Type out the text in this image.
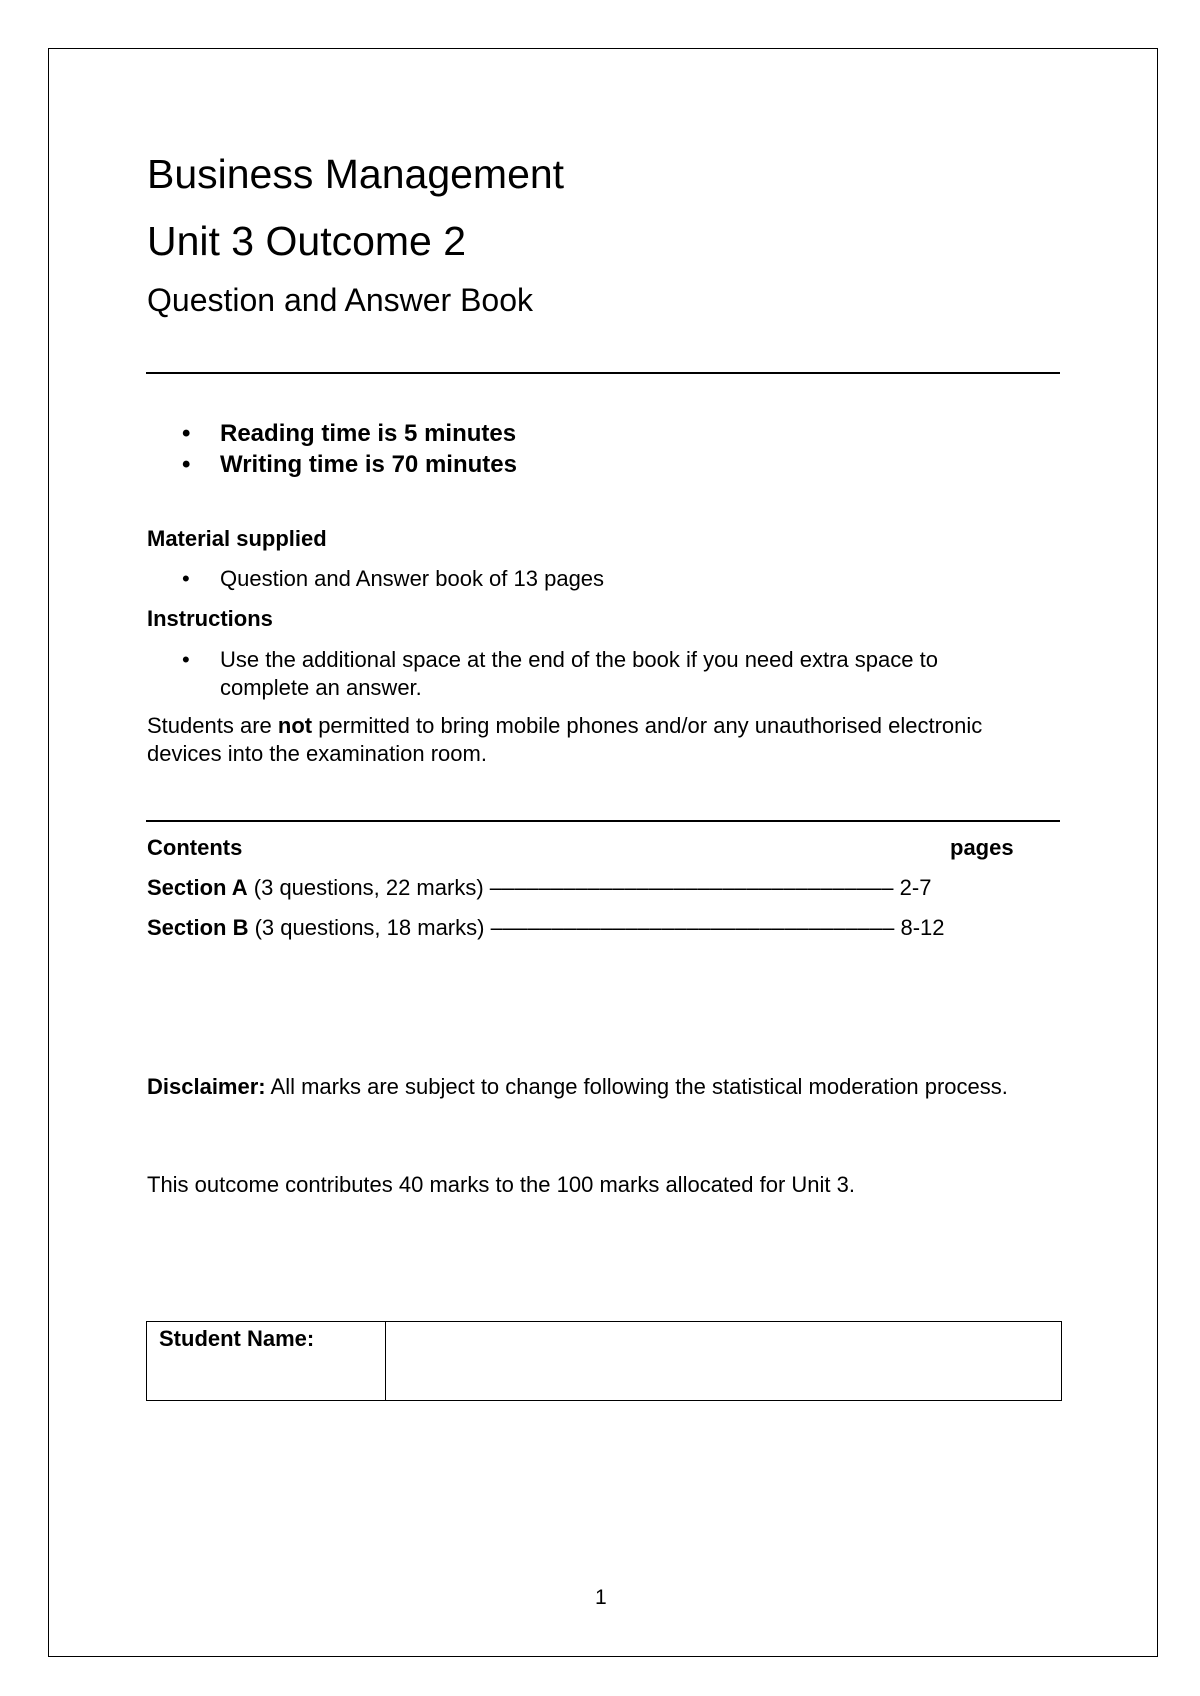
Business Management
Unit 3 Outcome 2
Question and Answer Book
• Reading time is 5 minutes
• Writing time is 70 minutes
Material supplied
• Question and Answer book of 13 pages
Instructions
• Use the additional space at the end of the book if you need extra space to complete an answer.
Students are not permitted to bring mobile phones and/or any unauthorised electronic devices into the examination room.
Contents	pages
Section A (3 questions, 22 marks) ––––––––––––––––––––––––––––––––– 2-7
Section B (3 questions, 18 marks) ––––––––––––––––––––––––––––––––– 8-12
Disclaimer: All marks are subject to change following the statistical moderation process.
This outcome contributes 40 marks to the 100 marks allocated for Unit 3.
Student Name:	
1
